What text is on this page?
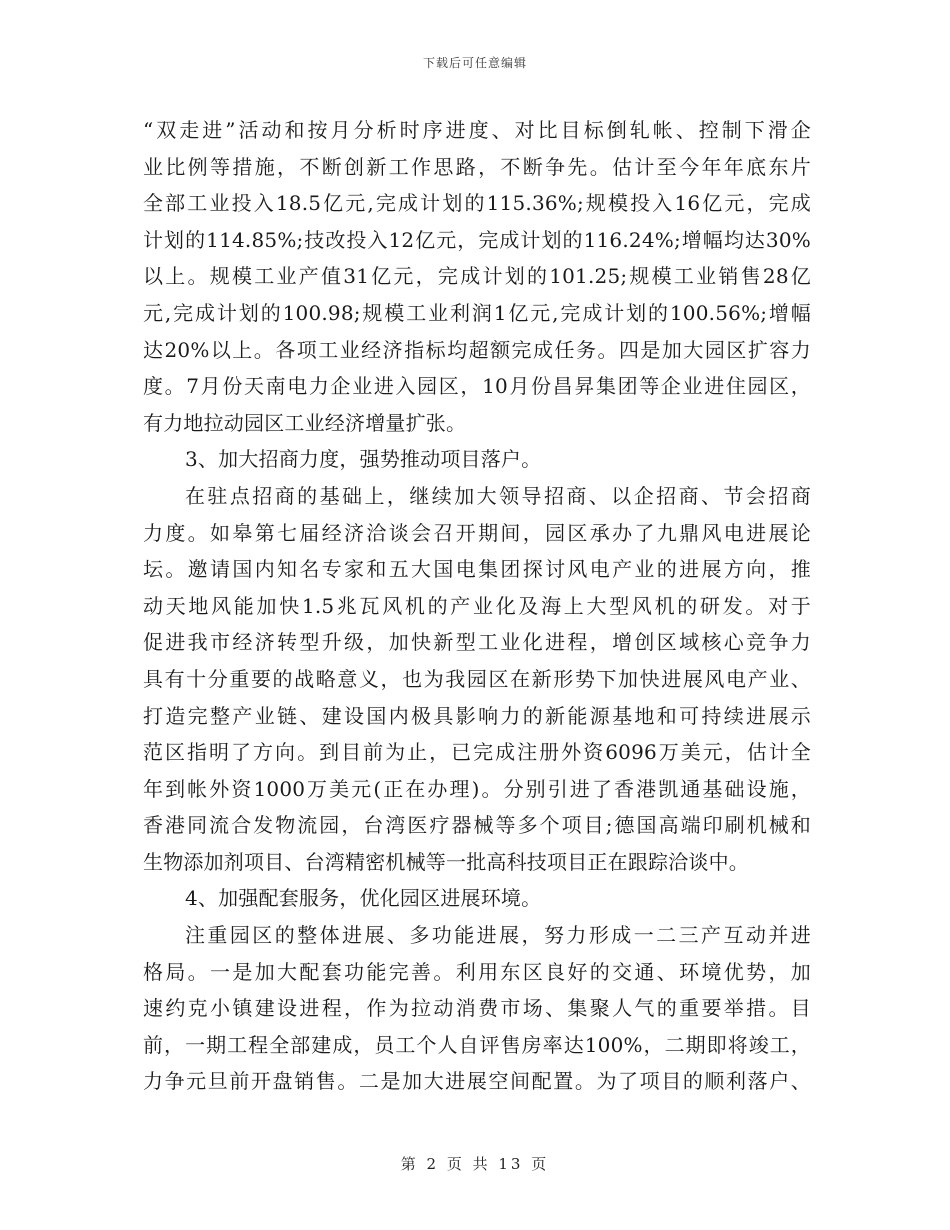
下载后可任意编辑
“双走进”活动和按月分析时序进度、对比目标倒轧帐、控制下滑企
业比例等措施，不断创新工作思路，不断争先。估计至今年年底东片
全部工业投入18.5亿元,完成计划的115.36%;规模投入16亿元，完成
计划的114.85%;技改投入12亿元，完成计划的116.24%;增幅均达30%
以上。规模工业产值31亿元，完成计划的101.25;规模工业销售28亿
元,完成计划的100.98;规模工业利润1亿元,完成计划的100.56%;增幅
达20%以上。各项工业经济指标均超额完成任务。四是加大园区扩容力
度。7月份天南电力企业进入园区，10月份昌昇集团等企业进住园区，
有力地拉动园区工业经济增量扩张。
3、加大招商力度，强势推动项目落户。
在驻点招商的基础上，继续加大领导招商、以企招商、节会招商
力度。如皋第七届经济洽谈会召开期间，园区承办了九鼎风电进展论
坛。邀请国内知名专家和五大国电集团探讨风电产业的进展方向，推
动天地风能加快1.5兆瓦风机的产业化及海上大型风机的研发。对于
促进我市经济转型升级，加快新型工业化进程，增创区域核心竞争力
具有十分重要的战略意义，也为我园区在新形势下加快进展风电产业、
打造完整产业链、建设国内极具影响力的新能源基地和可持续进展示
范区指明了方向。到目前为止，已完成注册外资6096万美元，估计全
年到帐外资1000万美元(正在办理)。分别引进了香港凯通基础设施，
香港同流合发物流园，台湾医疗器械等多个项目;德国高端印刷机械和
生物添加剂项目、台湾精密机械等一批高科技项目正在跟踪洽谈中。
4、加强配套服务，优化园区进展环境。
注重园区的整体进展、多功能进展，努力形成一二三产互动并进
格局。一是加大配套功能完善。利用东区良好的交通、环境优势，加
速约克小镇建设进程，作为拉动消费市场、集聚人气的重要举措。目
前，一期工程全部建成，员工个人自评售房率达100%，二期即将竣工，
力争元旦前开盘销售。二是加大进展空间配置。为了项目的顺利落户、
第 2 页 共 13 页
